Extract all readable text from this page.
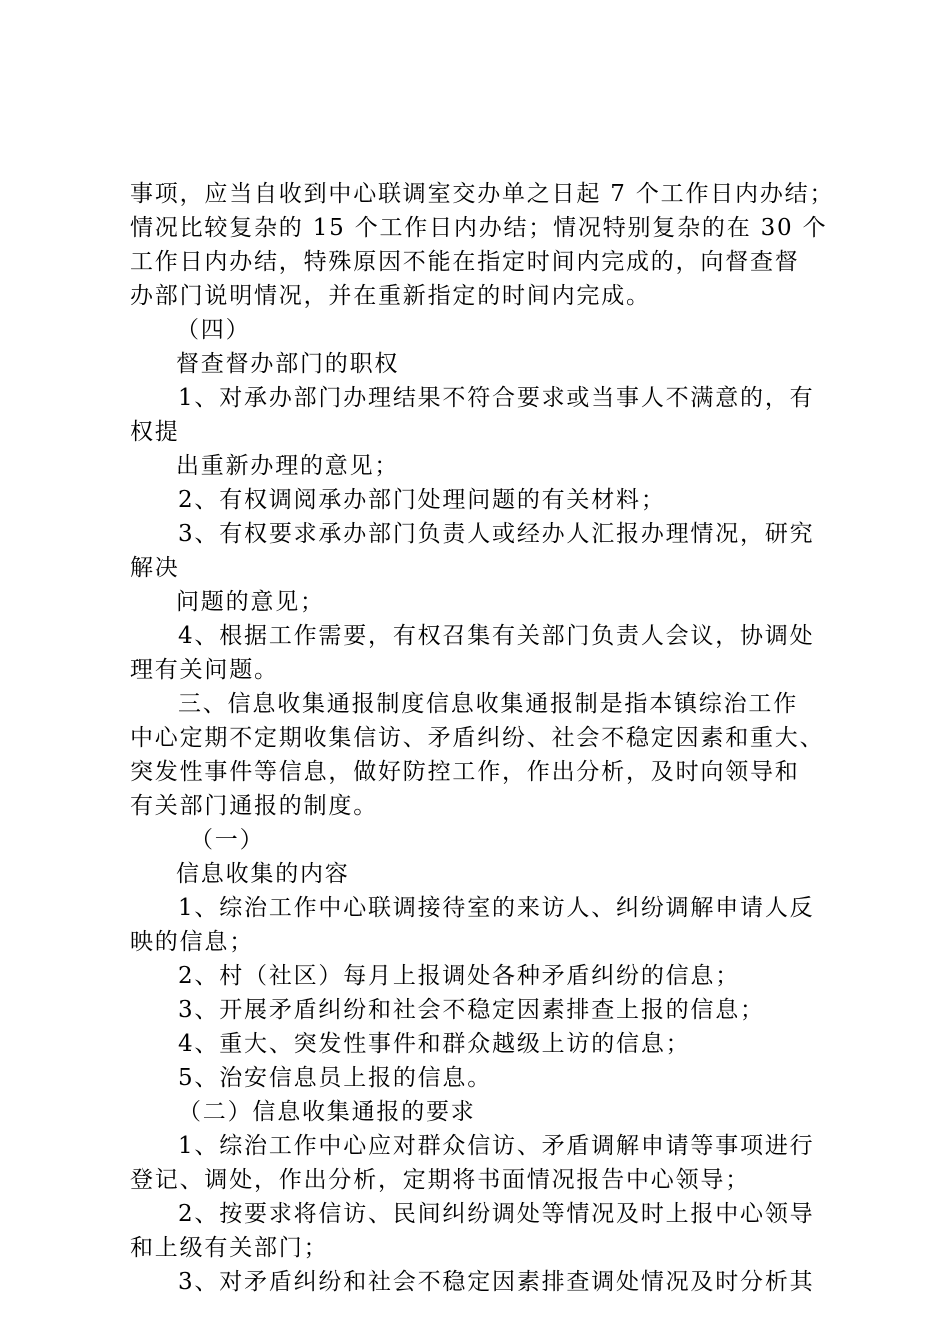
事项，应当自收到中心联调室交办单之日起 7 个工作日内办结；
情况比较复杂的 15 个工作日内办结；情况特别复杂的在 30 个
工作日内办结，特殊原因不能在指定时间内完成的，向督查督
办部门说明情况，并在重新指定的时间内完成。
（四）
督查督办部门的职权
1、对承办部门办理结果不符合要求或当事人不满意的，有
权提
出重新办理的意见；
2、有权调阅承办部门处理问题的有关材料；
3、有权要求承办部门负责人或经办人汇报办理情况，研究
解决
问题的意见；
4、根据工作需要，有权召集有关部门负责人会议，协调处
理有关问题。
三、信息收集通报制度信息收集通报制是指本镇综治工作
中心定期不定期收集信访、矛盾纠纷、社会不稳定因素和重大、
突发性事件等信息，做好防控工作，作出分析，及时向领导和
有关部门通报的制度。
（一）
信息收集的内容
1、综治工作中心联调接待室的来访人、纠纷调解申请人反
映的信息；
2、村（社区）每月上报调处各种矛盾纠纷的信息；
3、开展矛盾纠纷和社会不稳定因素排查上报的信息；
4、重大、突发性事件和群众越级上访的信息；
5、治安信息员上报的信息。
（二）信息收集通报的要求
1、综治工作中心应对群众信访、矛盾调解申请等事项进行
登记、调处，作出分析，定期将书面情况报告中心领导；
2、按要求将信访、民间纠纷调处等情况及时上报中心领导
和上级有关部门；
3、对矛盾纠纷和社会不稳定因素排查调处情况及时分析其
